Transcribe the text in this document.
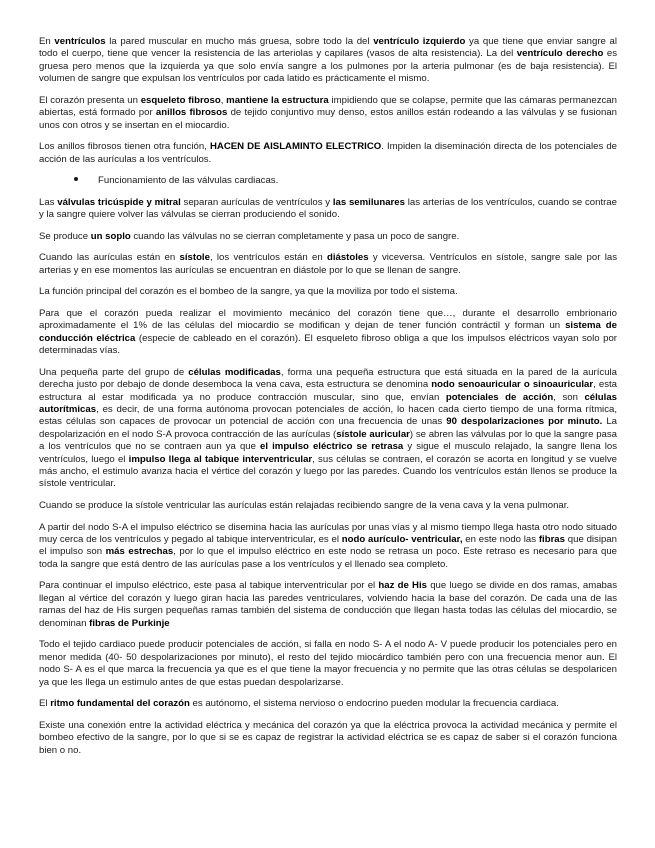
En ventrículos la pared muscular en mucho más gruesa, sobre todo la del ventrículo izquierdo ya que tiene que enviar sangre al todo el cuerpo, tiene que vencer la resistencia de las arteriolas y capilares (vasos de alta resistencia). La del ventrículo derecho es gruesa pero menos que la izquierda ya que solo envía sangre a los pulmones por la arteria pulmonar (es de baja resistencia). El volumen de sangre que expulsan los ventrículos por cada latido es prácticamente el mismo.

El corazón presenta un esqueleto fibroso, mantiene la estructura impidiendo que se colapse, permite que las cámaras permanezcan abiertas, está formado por anillos fibrosos de tejido conjuntivo muy denso, estos anillos están rodeando a las válvulas y se fusionan unos con otros y se insertan en el miocardio.

Los anillos fibrosos tienen otra función, HACEN DE AISLAMINTO ELECTRICO. Impiden la diseminación directa de los potenciales de acción de las aurículas a los ventrículos.

Funcionamiento de las válvulas cardiacas.

Las válvulas tricúspide y mitral separan aurículas de ventrículos y las semilunares las arterias de los ventrículos, cuando se contrae y la sangre quiere volver las válvulas se cierran produciendo el sonido.

Se produce un soplo cuando las válvulas no se cierran completamente y pasa un poco de sangre.

Cuando las aurículas están en sístole, los ventrículos están en diástoles y viceversa. Ventrículos en sístole, sangre sale por las arterias y en ese momentos las aurículas se encuentran en diástole por lo que se llenan de sangre.

La función principal del corazón es el bombeo de la sangre, ya que la moviliza por todo el sistema.

Para que el corazón pueda realizar el movimiento mecánico del corazón tiene que…, durante el desarrollo embrionario aproximadamente el 1% de las células del miocardio se modifican y dejan de tener función contráctil y forman un sistema de conducción eléctrica (especie de cableado en el corazón). El esqueleto fibroso obliga a que los impulsos eléctricos vayan solo por determinadas vías.

Una pequeña parte del grupo de células modificadas, forma una pequeña estructura que está situada en la pared de la aurícula derecha justo por debajo de donde desemboca la vena cava, esta estructura se denomina nodo senoauricular o sinoauricular, esta estructura al estar modificada ya no produce contracción muscular, sino que, envían potenciales de acción, son células autorítmicas, es decir, de una forma autónoma provocan potenciales de acción, lo hacen cada cierto tiempo de una forma rítmica, estas células son capaces de provocar un potencial de acción con una frecuencia de unas 90 despolarizaciones por minuto. La despolarización en el nodo S-A provoca contracción de las aurículas (sístole auricular) se abren las válvulas por lo que la sangre pasa a los ventrículos que no se contraen aun ya que el impulso eléctrico se retrasa y sigue el musculo relajado, la sangre llena los ventrículos, luego el impulso llega al tabique interventricular, sus células se contraen, el corazón se acorta en longitud y se vuelve más ancho, el estimulo avanza hacia el vértice del corazón y luego por las paredes. Cuando los ventrículos están llenos se produce la sístole ventricular.

Cuando se produce la sístole ventricular las aurículas están relajadas recibiendo sangre de la vena cava y la vena pulmonar.

A partir del nodo S-A el impulso eléctrico se disemina hacia las aurículas por unas vías y al mismo tiempo llega hasta otro nodo situado muy cerca de los ventrículos y pegado al tabique interventricular, es el nodo aurículo- ventricular, en este nodo las fibras que disipan el impulso son más estrechas, por lo que el impulso eléctrico en este nodo se retrasa un poco. Este retraso es necesario para que toda la sangre que está dentro de las aurículas pase a los ventrículos y el llenado sea completo.

Para continuar el impulso eléctrico, este pasa al tabique interventricular por el haz de His que luego se divide en dos ramas, amabas llegan al vértice del corazón y luego giran hacia las paredes ventriculares, volviendo hacia la base del corazón. De cada una de las ramas del haz de His surgen pequeñas ramas también del sistema de conducción que llegan hasta todas las células del miocardio, se denominan fibras de Purkinje

Todo el tejido cardiaco puede producir potenciales de acción, si falla en nodo S- A el nodo A- V puede producir los potenciales pero en menor medida (40- 50 despolarizaciones por minuto), el resto del tejido miocárdico también pero con una frecuencia menor aun. El nodo S- A es el que marca la frecuencia ya que es el que tiene la mayor frecuencia y no permite que las otras células se despolaricen ya que les llega un estimulo antes de que estas puedan despolarizarse.

El ritmo fundamental del corazón es autónomo, el sistema nervioso o endocrino pueden modular la frecuencia cardiaca.

Existe una conexión entre la actividad eléctrica y mecánica del corazón ya que la eléctrica provoca la actividad mecánica y permite el bombeo efectivo de la sangre, por lo que si se es capaz de registrar la actividad eléctrica se es capaz de saber si el corazón funciona bien o no.
